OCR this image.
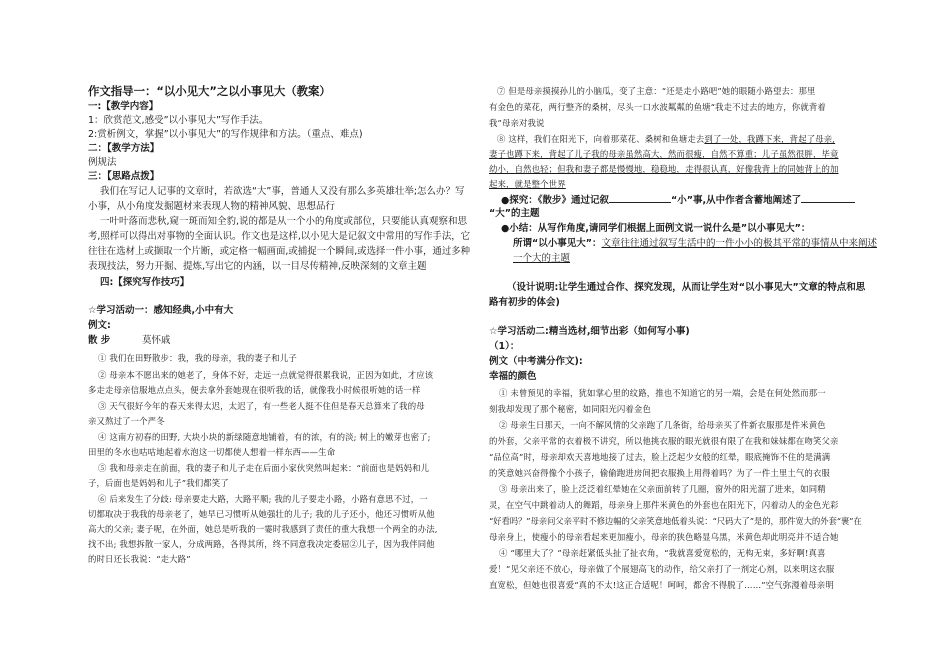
作文指导一：“以小见大”之以小事见大（教案）
一:【教学内容】
1：欣赏范文,感受”以小事见大”写作手法。
2:赏析例文，掌握”以小事见大”的写作规律和方法。（重点、难点)
二：【教学方法】
例规法
三：【思路点拨】
我们在写记人记事的文章时，若欲选“大”事，普通人又没有那么多英雄壮举;怎么办？写
小事，从小角度发掘题材来表现人物的精神风貌、思想品行
一叶叶落而悲秋,窥一斑而知全豹,说的都是从一个小的角度或部位，只要能认真观察和思
考,照样可以得出对事物的全面认识。作文也是这样,以小见大是记叙文中常用的写作手法，它
往往在选材上或撷取一个片断，或定格一幅画面,或捕捉一个瞬间,或选择一件小事，通过多种
表现技法，努力开掘、提炼,写出它的内涵，以一目尽传精神,反映深刻的文章主题
四:【探究写作技巧】
☆学习活动一：感知经典,小中有大
例文:
散 步	莫怀戚
① 我们在田野散步：我，我的母亲，我的妻子和儿子
② 母亲本不愿出来的她老了，身体不好，走远一点就觉得很累我说，正因为如此，才应该
多走走母亲信服地点点头，便去拿外套她现在很听我的话，就像我小时候很听她的话一样
③ 天气很好今年的春天来得太迟，太迟了，有一些老人挺不住但是春天总算来了我的母
亲又熬过了一个严冬
④ 这南方初春的田野, 大块小块的新绿随意地铺着，有的浓，有的淡; 树上的嫩芽也密了;
田里的冬水也咕咕地起着水泡这一切都使人想着一样东西——生命
⑤ 我和母亲走在前面，我的妻子和儿子走在后面小家伙突然叫起来：“前面也是妈妈和儿
子，后面也是妈妈和儿子”我们都笑了
⑥ 后来发生了分歧: 母亲要走大路，大路平顺; 我的儿子要走小路，小路有意思不过，一
切都取决于我我的母亲老了，她早已习惯听从她强壮的儿子; 我的儿子还小，他还习惯听从他
高大的父亲; 妻子呢，在外面，她总是听我的一霎时我感到了责任的重大我想一个两全的办法,
找不出; 我想拆散一家人，分成两路，各得其所，终不同意我决定委屈②儿子，因为我伴同他
的时日还长我说：“走大路”
⑦ 但是母亲摸摸孙儿的小脑瓜，变了主意：“还是走小路吧”她的眼随小路望去：那里
有金色的菜花，两行整齐的桑树，尽头一口水波粼粼的鱼塘“我走不过去的地方，你就背着
我”母亲对我说
⑧ 这样，我们在阳光下，向着那菜花、桑树和鱼塘走去到了一处，我蹲下来，背起了母亲,
妻子也蹲下来，背起了儿子我的母亲虽然高大，然而很瘦，自然不算重；儿子虽然很胖，毕竟
幼小，自然也轻；但我和妻子都是慢慢地，稳稳地，走得很认真，好像我背上的同她背上的加
起来，就是整个世界
●探究：《散步》通过记叙	“小”事,从中作者含蓄地阐述了
“大”的主题
●小结：从写作角度,请同学们根据上面例文说一说什么是”以小事见大”：
所谓“以小事见大”：文章往往通过叙写生活中的一件小小的极其平常的事情从中来阐述
一个大的主题
（设计说明:让学生通过合作、探究发现，从而让学生对“以小事见大”文章的特点和思
路有初步的体会)
☆学习活动二:精当选材,细节出彩（如何写小事)
（1）：
例文（中考满分作文):
幸福的颜色
① 未曾预见的幸福，犹如掌心里的纹路，推也不知道它的另一端，会是在何处然而那一
刻我却发现了那个秘密，如同阳光闪着金色
② 母亲生日那天，一向不解风情的父亲跑了几条街，给母亲买了件新衣服那是件米黄色
的外套，父亲平常的衣着极不讲究，所以他挑衣服的眼光就很有限了在我和妹妹都在吻笑父亲
“品位高”时，母亲却欢天喜地地接了过去，脸上泛起少女般的红晕，眼底掩饰不住的是满满
的笑意她兴奋得像个小孩子，偷偷跑进房间把衣服换上用得着吗？为了一件土里土气的衣服
③ 母亲出来了，脸上泛泛着红晕她在父亲面前转了几圈，窗外的阳光溜了进来，如同精
灵，在空气中跳着动人的舞蹈，母亲身上那件米黄色的外套也在阳光下，闪着动人的金色光彩
“好看吗？”母亲问父亲平时不修边幅的父亲笑意地低着头说：“尺码大了”是的，那件宽大的外套“裹”在
母亲身上，使瘦小的母亲看起来更加瘦小，母亲的狭色略显乌黑，米黄色却此明亮并不适合她
④ “哪里大了？”母亲赶紧低头扯了扯衣角，“我就喜爱宽松的，无构无束，多好啊!真喜
爱！”见父亲还不放心，母亲做了个展翅高飞的动作，给父亲打了一剂定心剂，以来明这衣服
直宽松，但她也很喜爱“真的不太!这正合适呢！呵呵，都舍不得脱了……”空气弥漫着母亲明
